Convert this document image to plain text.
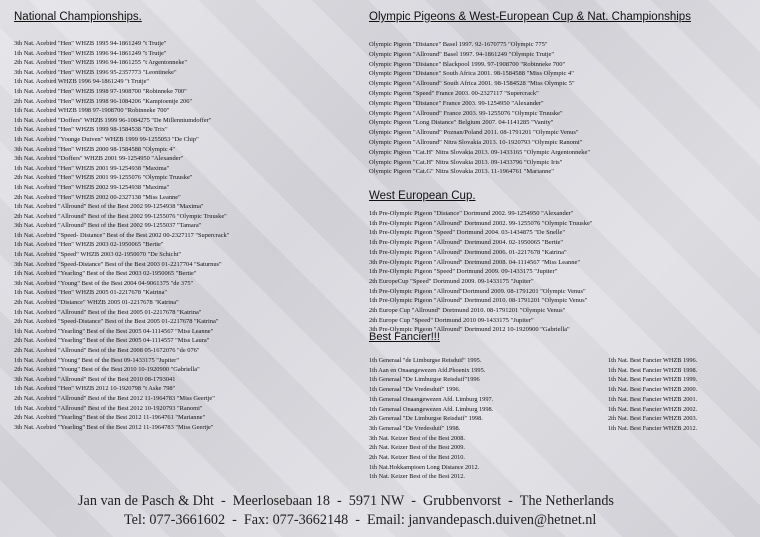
National Championships.
3th Nat. Acebird "Hen" WHZB 1995 94-1861249 "t Trutje"
1th Nat. Acebird "Hen" WHZB 1996 94-1861249 "t Trutje"
2th Nat. Acebird "Hen" WHZB 1996 94-1861255 "t Argentonneke"
3th Nat. Acebird "Hen" WHZB 1996 95-2357773 "Leontineke"
1th Nat. Acebird WHZB 1996 94-1861249 "t Trutje"
1th Nat. Acebird "Hen" WHZB 1998 97-1908700 "Robinneke 700"
2th Nat. Acebird "Hen" WHZB 1998 96-1084206 "Kampioentje 206"
1th Nat. Acebird WHZB 1998 97-1908700 "Robinneke 700"
1th Nat. Acebird "Doffers" WHZB 1999 96-1084275 "De Millenniumdoffer"
1th Nat. Acebird "Hen" WHZB 1999 98-1584538 "De Trix"
1th Nat. Acebird "Younge Duiven" WHZB 1999 99-1255053 "De Chip"
3th Nat. Acebird "Hen" WHZB 2000 98-1584588 "Olympic 4"
3th Nat. Acebird "Doffers" WHZB 2001 99-1254950 "Alexander"
1th Nat. Acebird "Hen" WHZB 2001 99-1254938 "Maxima"
2th Nat. Acebird "Hen" WHZB 2001 99-1255076 "Olympic Truuske"
1th Nat. Acebird "Hen" WHZB 2002 99-1254938 "Maxima"
2th Nat. Acebird "Hen" WHZB 2002 00-2327138 "Miss Leanne"
1th Nat. Acebird "Allround" Best of the Best 2002 99-1254938 "Maxima"
2th Nat. Acebird "Allround" Best of the Best 2002 99-1255076 "Olympic Truuske"
3th Nat. Acebird "Allround" Best of the Best 2002 99-1255037 "Tamara"
1th Nat. Acebird "Speed- Distance" Best of the Best 2002 00-2327117 "Supercrack"
1th Nat. Acebird "Hen" WHZB 2003 02-1950065 "Bertie"
1th Nat. Acebird "Speed" WHZB 2003 02-1950070 "De Schicht"
3th Nat. Acebird "Speed-Distance" Best of the Best 2003 01-2217704 "Saturnus"
1th Nat. Acebird "Yearling" Best of the Best 2003 02-1950065 "Bertie"
3th Nat. Acebird "Young" Best of the Best 2004 04-9061375 "de 375"
1th Nat. Acebird "Hen" WHZB 2005 01-2217678 "Katrina"
2th Nat. Acebird "Distance" WHZB 2005 01-2217678 "Katrina"
1th Nat. Acebird "Allround" Best of the Best 2005 01-2217678 "Katrina"
2th Nat. Acebird "Speed-Distance" Best of the Best 2005 01-2217678 "Katrina"
1th Nat. Acebird "Yearling" Best of the Best 2005 04-1114567 "Miss Leanne"
2th Nat. Acebird "Yearling" Best of the Best 2005 04-1114557 "Miss Laura"
2th Nat. Acebird "Allround" Best of the Best 2008 05-1672076 "de 076"
1th Nat. Acebird "Young" Best of the Best 09-1433175 "Jupiter"
2th Nat. Acebird "Young" Best of the Best 2010 10-1920900 "Gabriella"
3th Nat. Acebird "Allround" Best of the Best 2010 08-1793041
1th Nat. Acebird "Hen" WHZB 2012 10-1920798 "t Aske 798"
2th Nat. Acebird "Allround" Best of the Best 2012 11-1964783 "Miss Geertje"
1th Nat. Acebird "Allround" Best of the Best 2012 10-1920793 "Ranomi"
2th Nat. Acebird "Yearling" Best of the Best 2012 11-1964761 "Marianne"
3th Nat. Acebird "Yearling" Best of the Best 2012 11-1964783 "Miss Geertje"
Olympic Pigeons & West-European Cup & Nat. Championships
Olympic Pigeon "Distance" Basel 1997. 92-1670775 "Olympic 775"
Olympic Pigeon "Allround" Basel 1997. 94-1861249 "Olympic Trutje"
Olympic Pigeon "Distance" Blackpool 1999. 97-1908700 "Robinneke 700"
Olympic Pigeon "Distance" South Africa 2001. 98-1584588 "Miss Olympic 4"
Olympic Pigeon "Allround" South Africa 2001. 98-1584528 "Miss Olympic 5"
Olympic Pigeon "Speed" France 2003. 00-2327117 "Supercrack"
Olympic Pigeon "Distance" France 2003. 99-1254950 "Alexander"
Olympic Pigeon "Allround" France 2003. 99-1255076 "Olympic Truuske"
Olympic Pigeon "Long Distance" Belgium 2007. 04-1141285 "Vanity"
Olympic Pigeon "Allround" Poznan/Poland 2011. 08-1791201 "Olympic Venus"
Olympic Pigeon "Allround" Nitra Slovakia 2013. 10-1920793 "Olympic Ranomi"
Olympic Pigeon "Cat.H" Nitra Slovakia 2013. 09-1433165 "Olympic Argentonneke"
Olympic Pigeon "Cat.H" Nitra Slovakia 2013. 09-1433796 "Olympic Iris"
Olympic Pigeon "Cat.G" Nitra Slovakia 2013. 11-1964761 "Marianne"
West European Cup.
1th Pre-Olympic Pigeon "Distance" Dortmund 2002. 99-1254950 "Alexander"
1th Pre-Olympic Pigeon "Allround" Dortmund 2002. 99-1255076 "Olympic Truuske"
1th Pre-Olympic Pigeon "Speed" Dortmund 2004. 03-1434875 "De Snelle"
1th Pre-Olympic Pigeon "Allround" Dortmund 2004. 02-1950065 "Bertie"
1th Pre-Olympic Pigeon "Allround" Dortmund 2006. 01-2217678 "Katrina"
3th Pre-Olympic Pigeon "Allround" Dortmund 2008. 04-1114567 "Miss Leanne"
1th Pre-Olympic Pigeon "Speed" Dortmund 2009. 09-1433175 "Jupiter"
2th EuropeCup "Speed" Dortmund 2009. 09-1433175 "Jupiter"
1th Pre-Olympic Pigeon "Allround"Dortmund 2009. 08-1791201 "Olympic Venus"
1th Pre-Olympic Pigeon "Allround" Dortmund 2010. 08-1791201 "Olympic Venus"
2th Europe Cup "Allround" Dortmund 2010. 08-1791201 "Olympic Venus"
2th Europe Cup "Speed" Dortmund 2010 09-1433175 "Jupiter"
3th Pre-Olympic Pigeon "Allround" Dortmund 2012 10-1920900 "Gabriella"
Best Fancier!!!
1th Generaal "de Limburgse Reisduif" 1995.
1th Aan en Onaangewezen Afd.Phoenix 1995.
1th Generaal "De Limburgse Reisduif"1996
1th Generaal "De Vredesduif" 1996.
1th Generaal Onaangewezen Afd. Limburg 1997.
1th Generaal Onaangewezen Afd. Limburg 1998.
2th Generaal "De Limburgse Reisduif" 1998.
3th Generaal "De Vredesduif" 1998.
3th Nat. Keizer Best of the Best 2008.
2th Nat. Keizer Best of the Best 2009.
2th Nat. Keizer Best of the Best 2010.
1th Nat.Hokkampioen Long Distance 2012.
1th Nat. Keizer Best of the Best 2012.
1th Nat. Best Fancier WHZB 1996.
1th Nat. Best Fancier WHZB 1998.
1th Nat. Best Fancier WHZB 1999.
1th Nat. Best Fancier WHZB 2000.
1th Nat. Best Fancier WHZB 2001.
1th Nat. Best Fancier WHZB 2002.
2th Nat. Best Fancier WHZB 2003.
1th Nat. Best Fancier WHZB 2012.
Jan van de Pasch & Dht - Meerlosebaan 18 - 5971 NW - Grubbenvorst - The Netherlands
Tel: 077-3661602 - Fax: 077-3662148 - Email: janvandepasch.duiven@hetnet.nl
